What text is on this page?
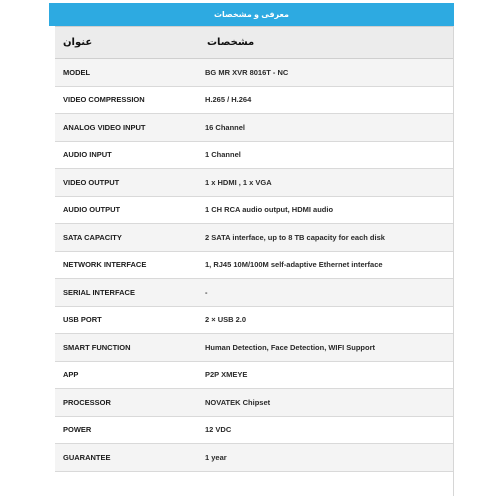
معرفی و مشخصات
عنوان	مشخصات
MODEL	BG MR XVR 8016T - NC
VIDEO COMPRESSION	H.265 / H.264
ANALOG VIDEO INPUT	16 Channel
AUDIO INPUT	1 Channel
VIDEO OUTPUT	1 x HDMI , 1 x VGA
AUDIO OUTPUT	1 CH RCA audio output, HDMI audio
SATA CAPACITY	2 SATA interface, up to 8 TB capacity for each disk
NETWORK INTERFACE	1, RJ45 10M/100M self-adaptive Ethernet interface
SERIAL INTERFACE	-
USB PORT	2 × USB 2.0
SMART FUNCTION	Human Detection, Face Detection, WIFI Support
APP	P2P XMEYE
PROCESSOR	NOVATEK Chipset
POWER	12 VDC
GUARANTEE	1 year
